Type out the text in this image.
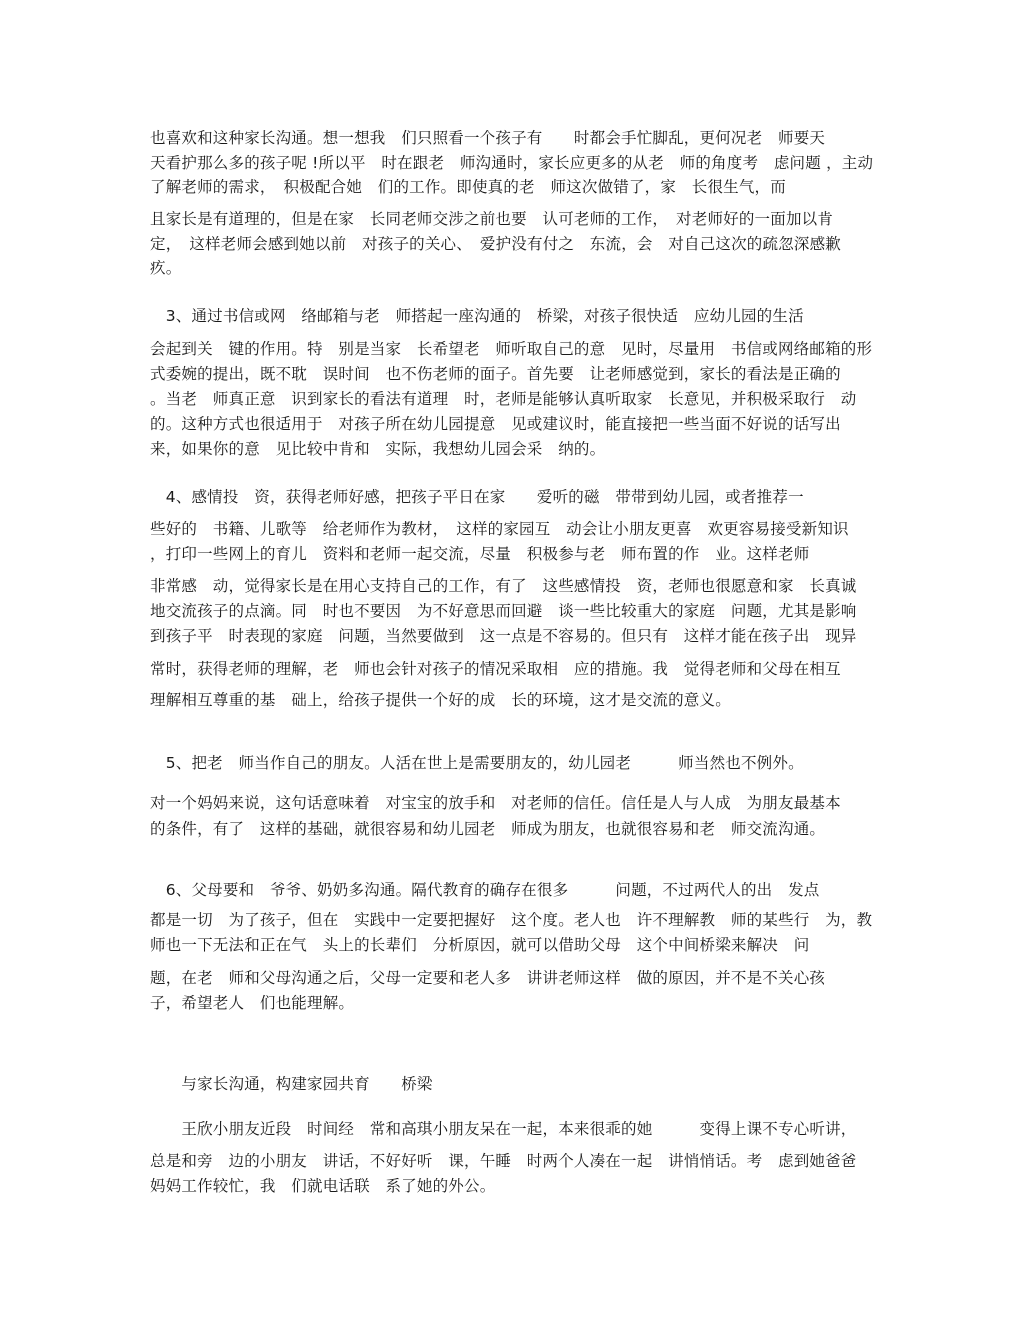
也喜欢和这种家长沟通。想一想我　们只照看一个孩子有　　时都会手忙脚乱，更何况老　师要天
天看护那么多的孩子呢 !所以平　时在跟老　师沟通时，家长应更多的从老　师的角度考　虑问题 ，主动
了解老师的需求，　积极配合她　们的工作。即使真的老　师这次做错了，家　长很生气，而
且家长是有道理的，但是在家　长同老师交涉之前也要　认可老师的工作，　对老师好的一面加以肯
定，　这样老师会感到她以前　对孩子的关心、　爱护没有付之　东流，会　对自己这次的疏忽深感歉
疚。
　3、通过书信或网　络邮箱与老　师搭起一座沟通的　桥梁，对孩子很快适　应幼儿园的生活
会起到关　键的作用。特　别是当家　长希望老　师听取自己的意　见时，尽量用　书信或网络邮箱的形
式委婉的提出，既不耽　误时间　也不伤老师的面子。首先要　让老师感觉到，家长的看法是正确的
。当老　师真正意　识到家长的看法有道理　时，老师是能够认真听取家　长意见，并积极采取行　动
的。这种方式也很适用于　对孩子所在幼儿园提意　见或建议时，能直接把一些当面不好说的话写出
来，如果你的意　见比较中肯和　实际，我想幼儿园会采　纳的。
　4、感情投　资，获得老师好感，把孩子平日在家　　爱听的磁　带带到幼儿园，或者推荐一
些好的　书籍、儿歌等　给老师作为教材，　这样的家园互　动会让小朋友更喜　欢更容易接受新知识
，打印一些网上的育儿　资料和老师一起交流，尽量　积极参与老　师布置的作　业。这样老师
非常感　动，觉得家长是在用心支持自己的工作，有了　这些感情投　资，老师也很愿意和家　长真诚
地交流孩子的点滴。同　时也不要因　为不好意思而回避　谈一些比较重大的家庭　问题，尤其是影响
到孩子平　时表现的家庭　问题，当然要做到　这一点是不容易的。但只有　这样才能在孩子出　现异
常时，获得老师的理解，老　师也会针对孩子的情况采取相　应的措施。我　觉得老师和父母在相互
理解相互尊重的基　础上，给孩子提供一个好的成　长的环境，这才是交流的意义。
　5、把老　师当作自己的朋友。人活在世上是需要朋友的，幼儿园老　　　师当然也不例外。
对一个妈妈来说，这句话意味着　对宝宝的放手和　对老师的信任。信任是人与人成　为朋友最基本
的条件，有了　这样的基础，就很容易和幼儿园老　师成为朋友，也就很容易和老　师交流沟通。
　6、父母要和　爷爷、奶奶多沟通。隔代教育的确存在很多　　　问题，不过两代人的出　发点
都是一切　为了孩子，但在　实践中一定要把握好　这个度。老人也　许不理解教　师的某些行　为，教
师也一下无法和正在气　头上的长辈们　分析原因，就可以借助父母　这个中间桥梁来解决　问
题，在老　师和父母沟通之后，父母一定要和老人多　讲讲老师这样　做的原因，并不是不关心孩
子，希望老人　们也能理解。
　　与家长沟通，构建家园共育　　桥梁
　　王欣小朋友近段　时间经　常和高琪小朋友呆在一起，本来很乖的她　　　变得上课不专心听讲，
总是和旁　边的小朋友　讲话，不好好听　课，午睡　时两个人凑在一起　讲悄悄话。考　虑到她爸爸
妈妈工作较忙，我　们就电话联　系了她的外公。
